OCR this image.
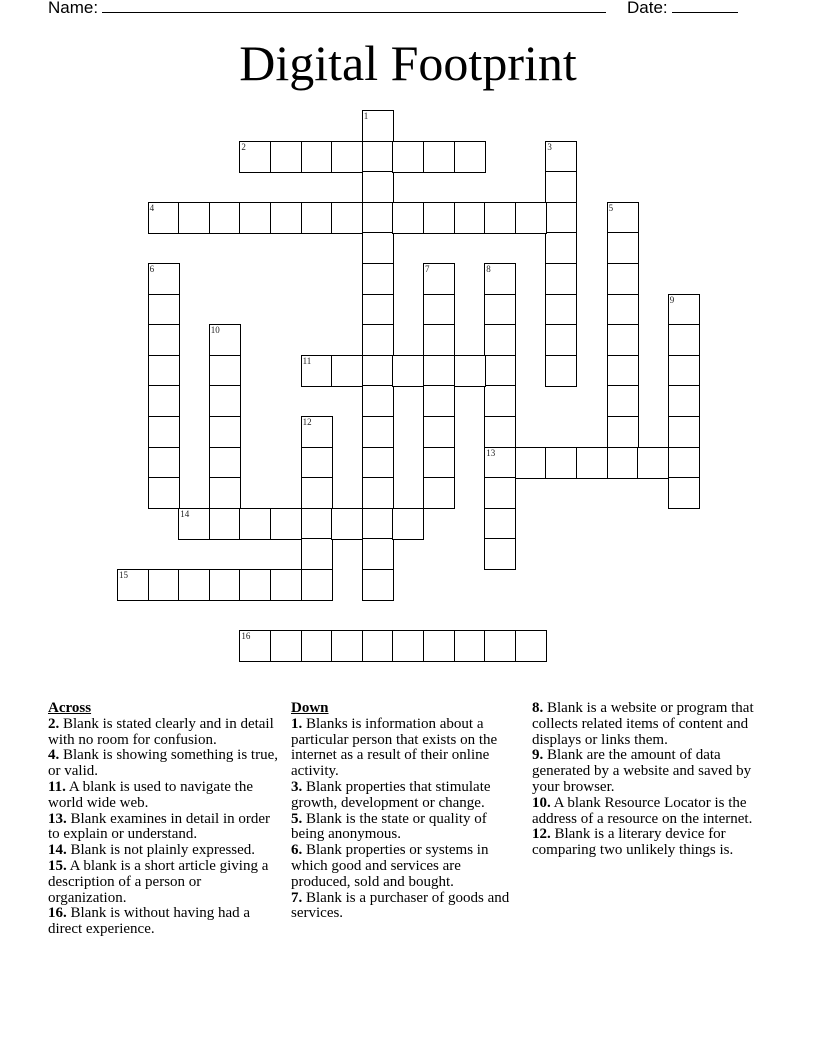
Name:	Date:
Digital Footprint
1
2	3
4	5
6	7	8
13
9
10
11
12
14
15
16
Across
2. Blank is stated clearly and in detail with no room for confusion.
4. Blank is showing something is true, or valid.
11. A blank is used to navigate the world wide web.
13. Blank examines in detail in order to explain or understand.
14. Blank is not plainly expressed.
15. A blank is a short article giving a description of a person or organization.
16. Blank is without having had a direct experience.
Down
1. Blanks is information about a particular person that exists on the internet as a result of their online activity.
3. Blank properties that stimulate growth, development or change.
5. Blank is the state or quality of being anonymous.
6. Blank properties or systems in which good and services are produced, sold and bought.
7. Blank is a purchaser of goods and services.
8. Blank is a website or program that collects related items of content and displays or links them.
9. Blank are the amount of data generated by a website and saved by your browser.
10. A blank Resource Locator is the address of a resource on the internet.
12. Blank is a literary device for comparing two unlikely things is.
